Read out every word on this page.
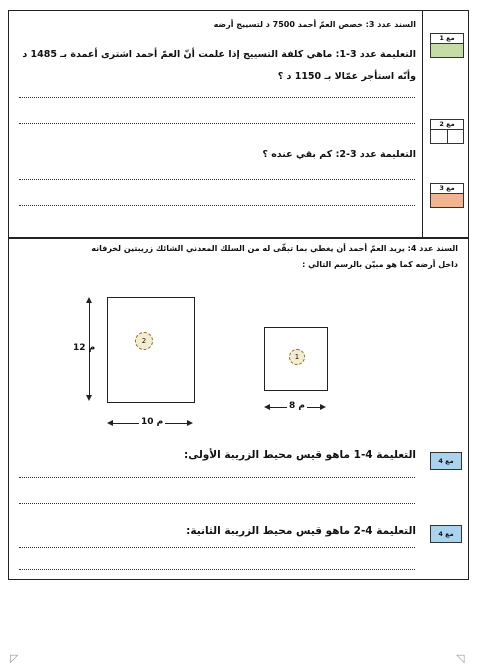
السند عدد 3: خصص العمّ أحمد 7500 د لتسييج أرضه
التعليمة عدد 3-1: ماهي كلفة التسييج إذا علمت أنّ العمّ أحمد اشترى أعمدة بـ 1485 د
وأنّه استأجر عمّالا بـ 1150 د ؟
التعليمة عدد 3-2: كم بقي عنده ؟
مع 1
مع 2
مع 3
السند عدد 4: يريد العمّ أحمد أن يغطي بما تبقّى له من السلك المعدني الشائك زريبتين لخرفانه
داخل أرضه كما هو مبيّن بالرسم التالي :
2
12 م
10 م
1
8 م
التعليمة 4-1 ماهو قيس محيط الزريبة الأولى:	مع 4
التعليمة 4-2 ماهو قيس محيط الزريبة الثانية:	مع 4
◸	◹
